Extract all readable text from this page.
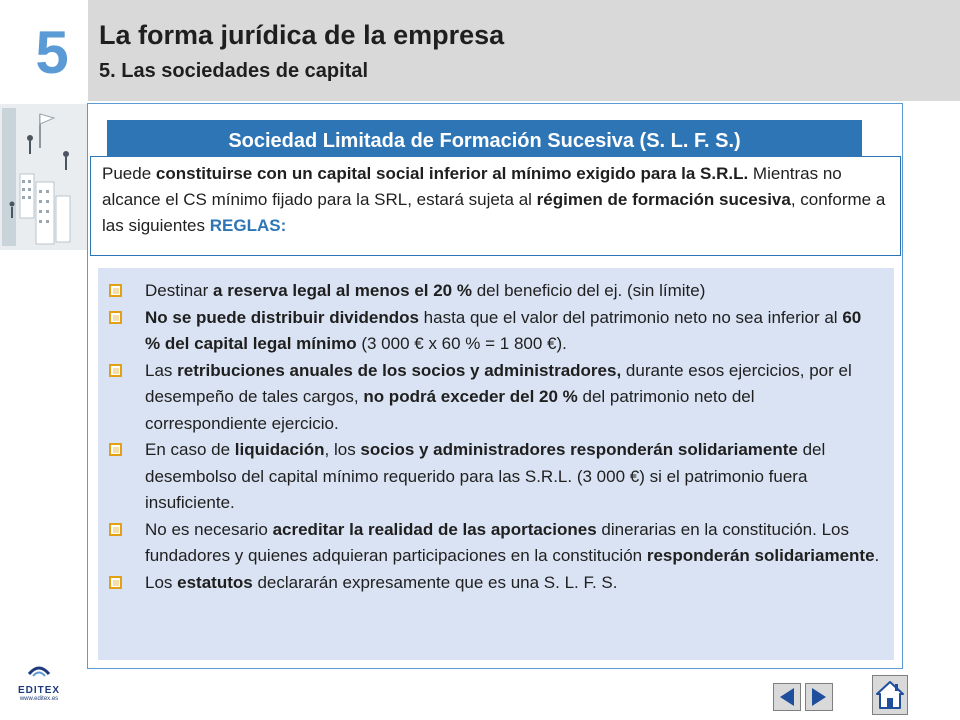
5	La forma jurídica de la empresa
5. Las sociedades de capital
Sociedad Limitada de Formación Sucesiva (S. L. F. S.)
Puede constituirse con un capital social inferior al mínimo exigido para la S.R.L. Mientras no alcance el CS mínimo fijado para la SRL, estará sujeta al régimen de formación sucesiva, conforme a las siguientes REGLAS:
Destinar a reserva legal al menos el 20 % del beneficio del ej. (sin límite)
No se puede distribuir dividendos hasta que el valor del patrimonio neto no sea inferior al 60 % del capital legal mínimo (3 000 € x 60 % = 1 800 €).
Las retribuciones anuales de los socios y administradores, durante esos ejercicios, por el desempeño de tales cargos, no podrá exceder del 20 % del patrimonio neto del correspondiente ejercicio.
En caso de liquidación, los socios y administradores responderán solidariamente del desembolso del capital mínimo requerido para las S.R.L. (3 000 €) si el patrimonio fuera insuficiente.
No es necesario acreditar la realidad de las aportaciones dinerarias en la constitución. Los fundadores y quienes adquieran participaciones en la constitución responderán solidariamente.
Los estatutos declararán expresamente que es una S. L. F. S.
EDITEX
www.editex.es
